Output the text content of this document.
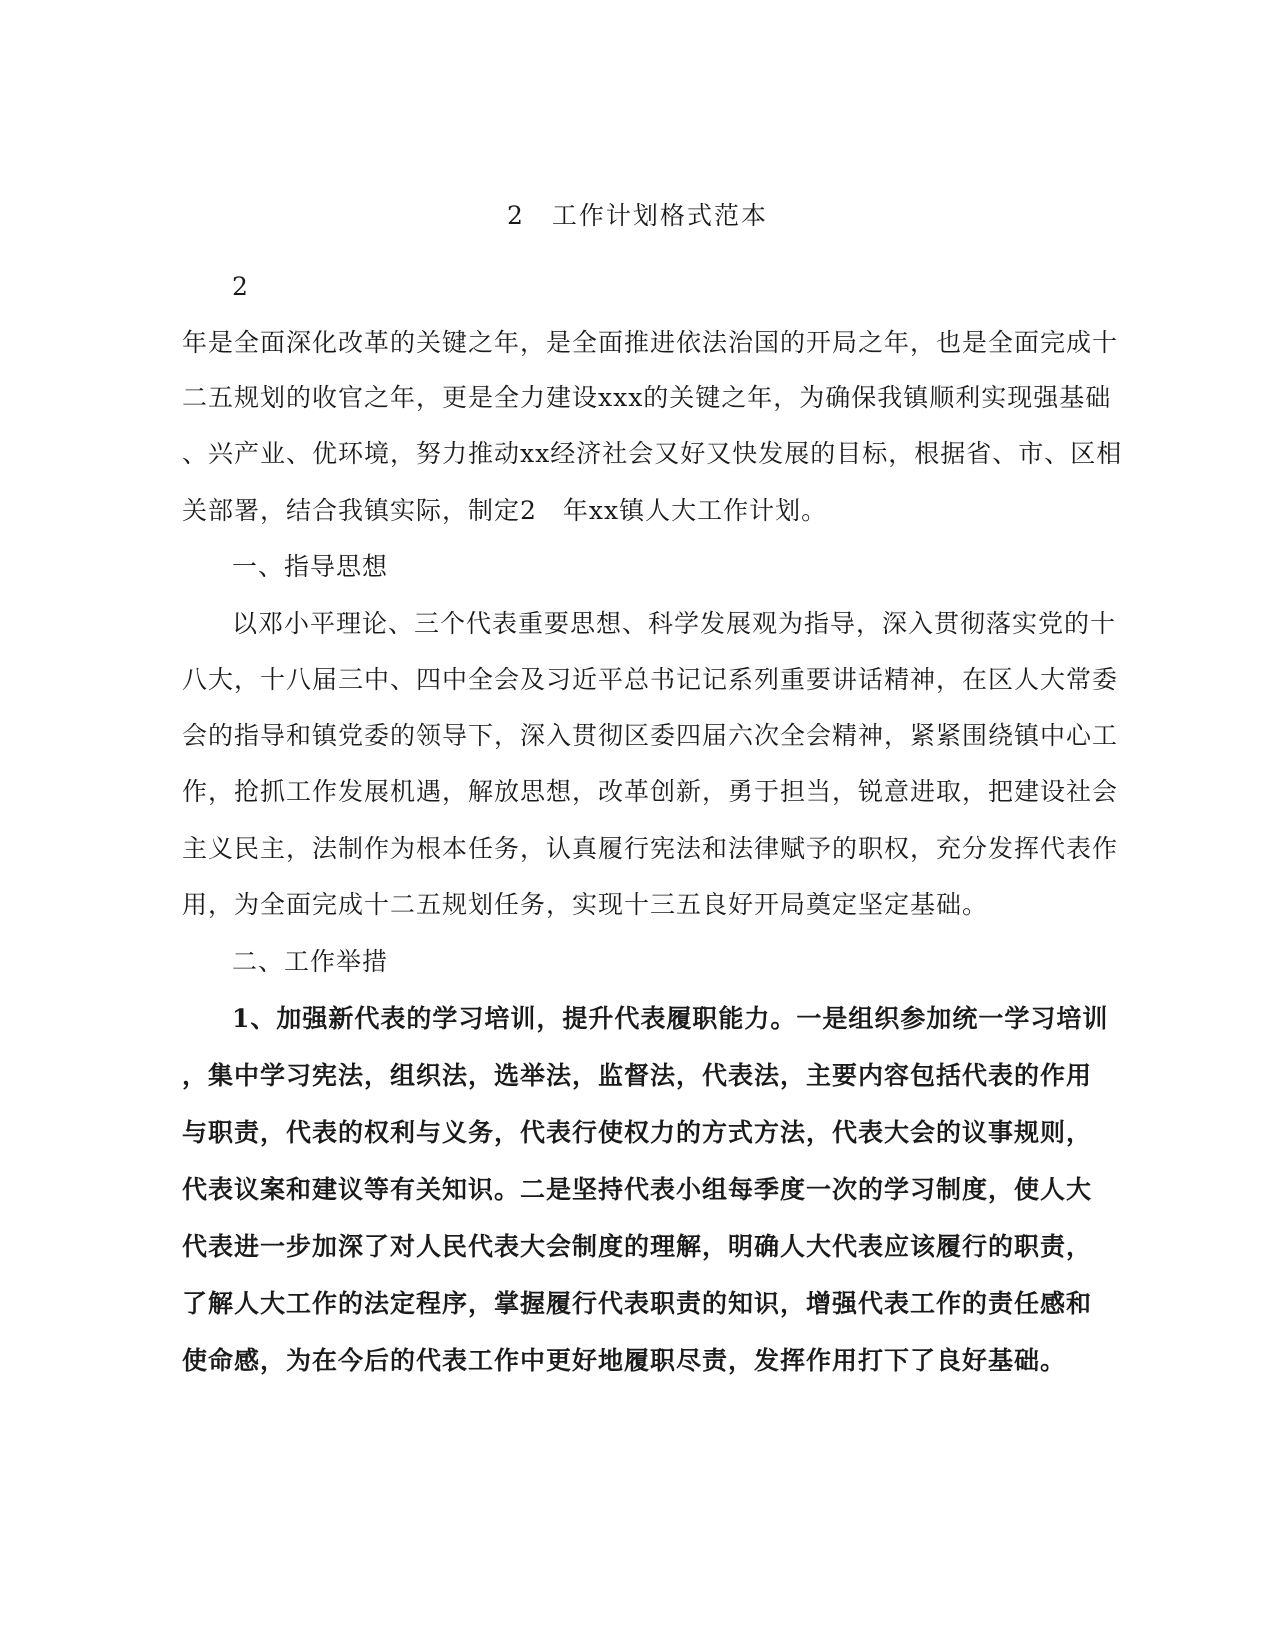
2　工作计划格式范本
2
年是全面深化改革的关键之年，是全面推进依法治国的开局之年，也是全面完成十
二五规划的收官之年，更是全力建设xxx的关键之年，为确保我镇顺利实现强基础
、兴产业、优环境，努力推动xx经济社会又好又快发展的目标，根据省、市、区相
关部署，结合我镇实际，制定2　年xx镇人大工作计划。
一、指导思想
以邓小平理论、三个代表重要思想、科学发展观为指导，深入贯彻落实党的十
八大，十八届三中、四中全会及习近平总书记记系列重要讲话精神，在区人大常委
会的指导和镇党委的领导下，深入贯彻区委四届六次全会精神，紧紧围绕镇中心工
作，抢抓工作发展机遇，解放思想，改革创新，勇于担当，锐意进取，把建设社会
主义民主，法制作为根本任务，认真履行宪法和法律赋予的职权，充分发挥代表作
用，为全面完成十二五规划任务，实现十三五良好开局奠定坚定基础。
二、工作举措
1、加强新代表的学习培训，提升代表履职能力。一是组织参加统一学习培训
，集中学习宪法，组织法，选举法，监督法，代表法，主要内容包括代表的作用
与职责，代表的权利与义务，代表行使权力的方式方法，代表大会的议事规则，
代表议案和建议等有关知识。二是坚持代表小组每季度一次的学习制度，使人大
代表进一步加深了对人民代表大会制度的理解，明确人大代表应该履行的职责，
了解人大工作的法定程序，掌握履行代表职责的知识，增强代表工作的责任感和
使命感，为在今后的代表工作中更好地履职尽责，发挥作用打下了良好基础。
